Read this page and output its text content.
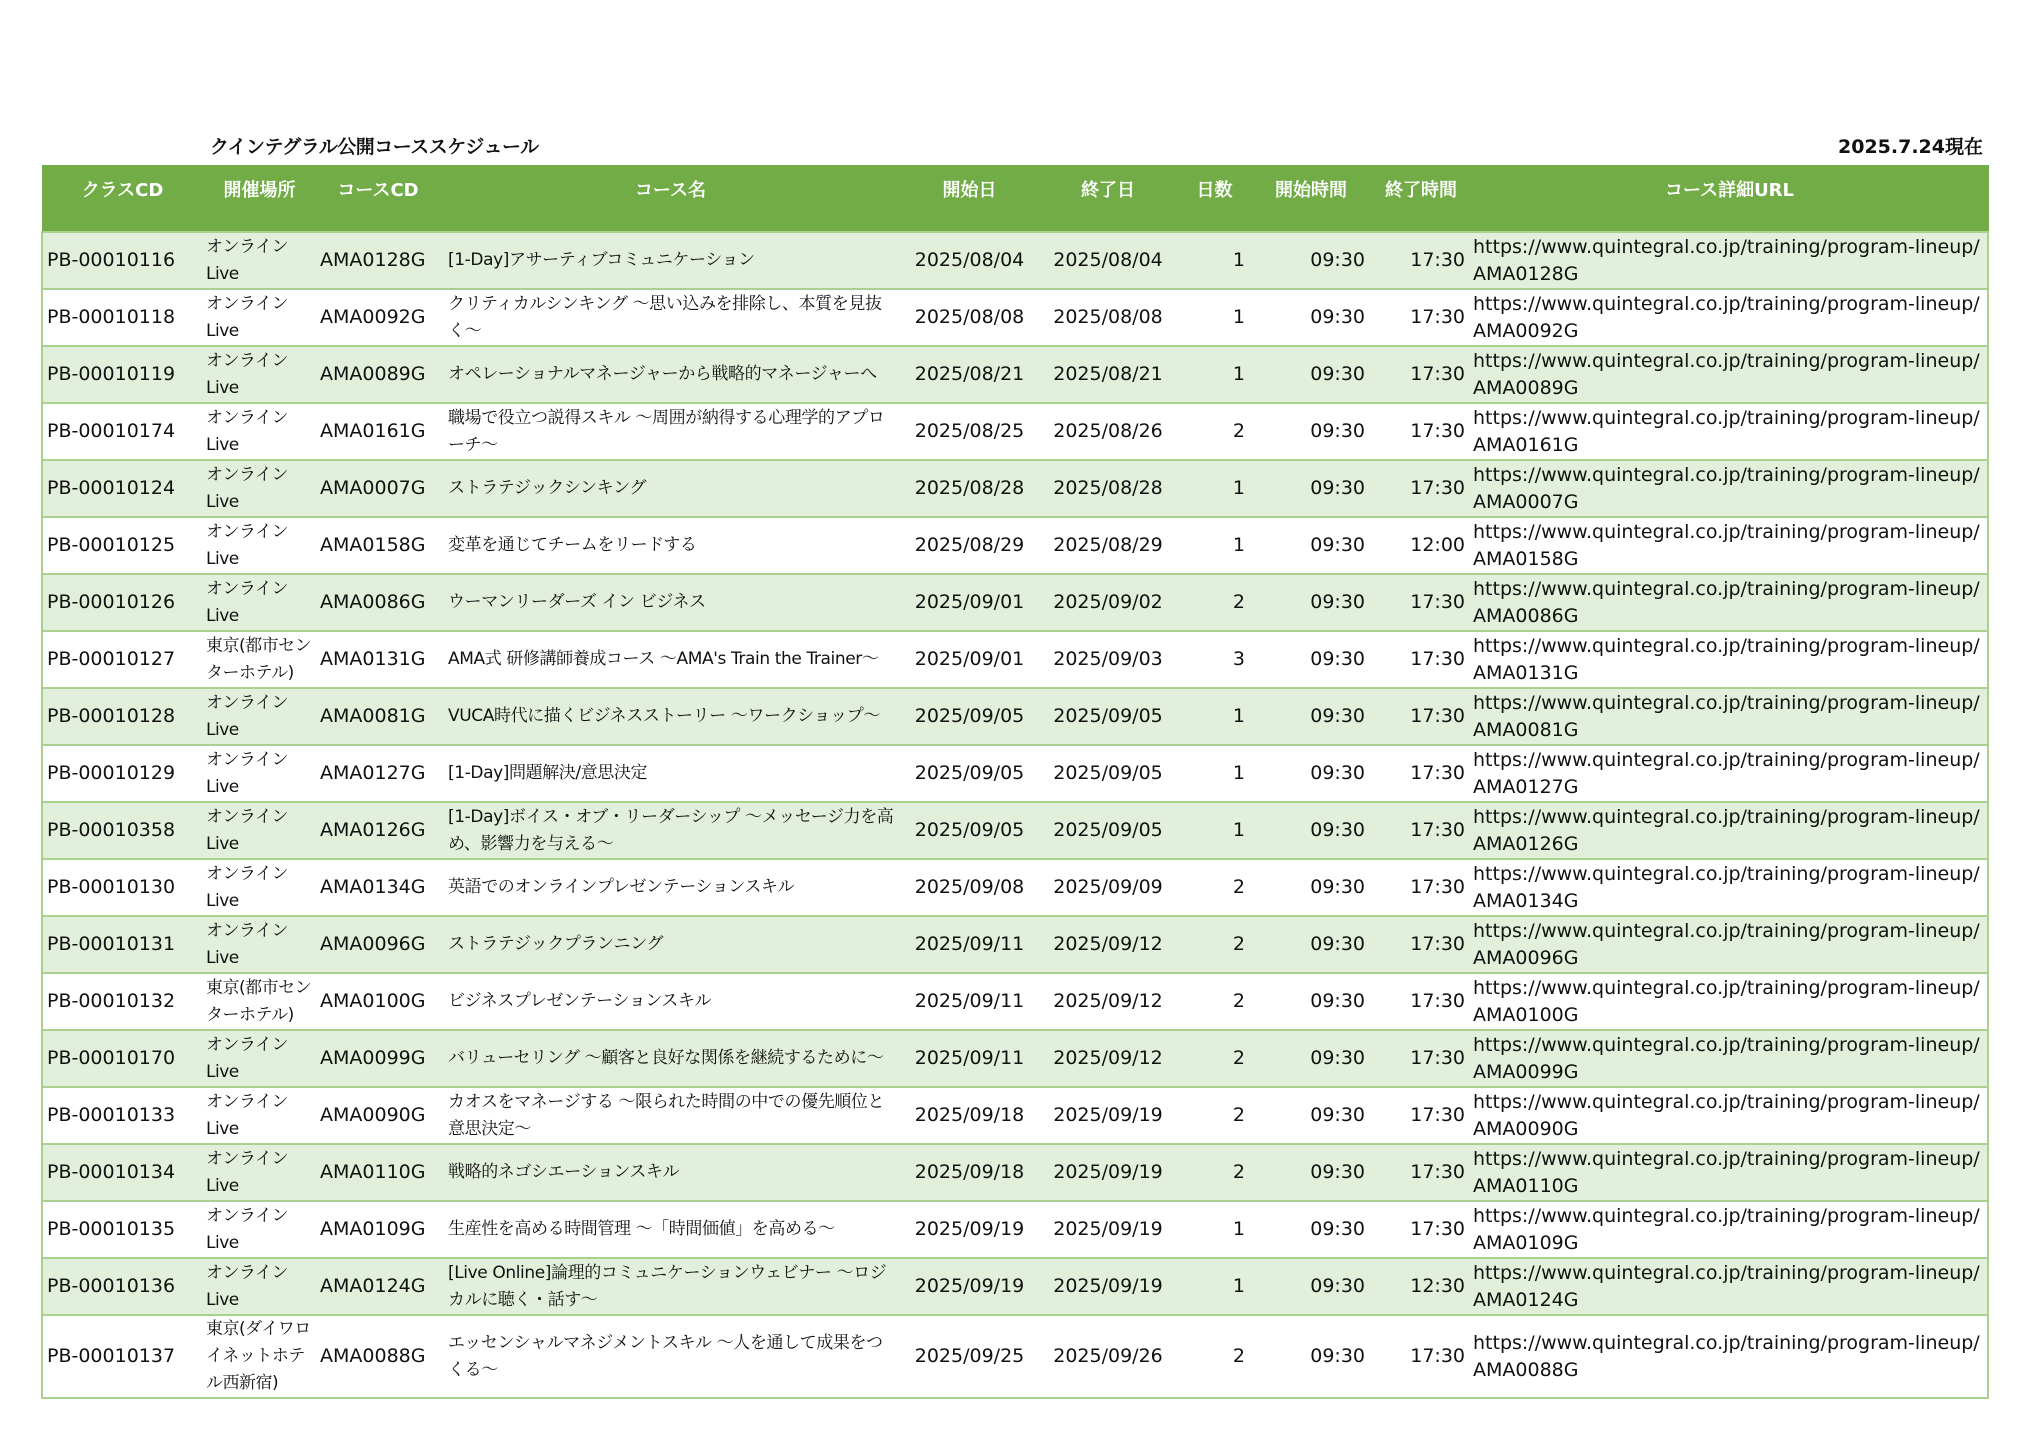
クインテグラル公開コーススケジュール	2025.7.24現在
クラスCD	開催場所	コースCD	コース名	開始日	終了日	日数	開始時間	終了時間	コース詳細URL
PB-00010116	オンライン Live	AMA0128G	[1-Day]アサーティブコミュニケーション	2025/08/04	2025/08/04	1	09:30	17:30	https://www.quintegral.co.jp/training/program-lineup/AMA0128G
PB-00010118	オンライン Live	AMA0092G	クリティカルシンキング ～思い込みを排除し、本質を見抜く～	2025/08/08	2025/08/08	1	09:30	17:30	https://www.quintegral.co.jp/training/program-lineup/AMA0092G
PB-00010119	オンライン Live	AMA0089G	オペレーショナルマネージャーから戦略的マネージャーへ	2025/08/21	2025/08/21	1	09:30	17:30	https://www.quintegral.co.jp/training/program-lineup/AMA0089G
PB-00010174	オンライン Live	AMA0161G	職場で役立つ説得スキル ～周囲が納得する心理学的アプローチ～	2025/08/25	2025/08/26	2	09:30	17:30	https://www.quintegral.co.jp/training/program-lineup/AMA0161G
PB-00010124	オンライン Live	AMA0007G	ストラテジックシンキング	2025/08/28	2025/08/28	1	09:30	17:30	https://www.quintegral.co.jp/training/program-lineup/AMA0007G
PB-00010125	オンライン Live	AMA0158G	変革を通じてチームをリードする	2025/08/29	2025/08/29	1	09:30	12:00	https://www.quintegral.co.jp/training/program-lineup/AMA0158G
PB-00010126	オンライン Live	AMA0086G	ウーマンリーダーズ イン ビジネス	2025/09/01	2025/09/02	2	09:30	17:30	https://www.quintegral.co.jp/training/program-lineup/AMA0086G
PB-00010127	東京(都市センターホテル)	AMA0131G	AMA式 研修講師養成コース ～AMA's Train the Trainer～	2025/09/01	2025/09/03	3	09:30	17:30	https://www.quintegral.co.jp/training/program-lineup/AMA0131G
PB-00010128	オンライン Live	AMA0081G	VUCA時代に描くビジネスストーリー ～ワークショップ～	2025/09/05	2025/09/05	1	09:30	17:30	https://www.quintegral.co.jp/training/program-lineup/AMA0081G
PB-00010129	オンライン Live	AMA0127G	[1-Day]問題解決/意思決定	2025/09/05	2025/09/05	1	09:30	17:30	https://www.quintegral.co.jp/training/program-lineup/AMA0127G
PB-00010358	オンライン Live	AMA0126G	[1-Day]ボイス・オブ・リーダーシップ ～メッセージ力を高め、影響力を与える～	2025/09/05	2025/09/05	1	09:30	17:30	https://www.quintegral.co.jp/training/program-lineup/AMA0126G
PB-00010130	オンライン Live	AMA0134G	英語でのオンラインプレゼンテーションスキル	2025/09/08	2025/09/09	2	09:30	17:30	https://www.quintegral.co.jp/training/program-lineup/AMA0134G
PB-00010131	オンライン Live	AMA0096G	ストラテジックプランニング	2025/09/11	2025/09/12	2	09:30	17:30	https://www.quintegral.co.jp/training/program-lineup/AMA0096G
PB-00010132	東京(都市センターホテル)	AMA0100G	ビジネスプレゼンテーションスキル	2025/09/11	2025/09/12	2	09:30	17:30	https://www.quintegral.co.jp/training/program-lineup/AMA0100G
PB-00010170	オンライン Live	AMA0099G	バリューセリング ～顧客と良好な関係を継続するために～	2025/09/11	2025/09/12	2	09:30	17:30	https://www.quintegral.co.jp/training/program-lineup/AMA0099G
PB-00010133	オンライン Live	AMA0090G	カオスをマネージする ～限られた時間の中での優先順位と意思決定～	2025/09/18	2025/09/19	2	09:30	17:30	https://www.quintegral.co.jp/training/program-lineup/AMA0090G
PB-00010134	オンライン Live	AMA0110G	戦略的ネゴシエーションスキル	2025/09/18	2025/09/19	2	09:30	17:30	https://www.quintegral.co.jp/training/program-lineup/AMA0110G
PB-00010135	オンライン Live	AMA0109G	生産性を高める時間管理 ～「時間価値」を高める～	2025/09/19	2025/09/19	1	09:30	17:30	https://www.quintegral.co.jp/training/program-lineup/AMA0109G
PB-00010136	オンライン Live	AMA0124G	[Live Online]論理的コミュニケーションウェビナー ～ロジカルに聴く・話す～	2025/09/19	2025/09/19	1	09:30	12:30	https://www.quintegral.co.jp/training/program-lineup/AMA0124G
PB-00010137	東京(ダイワロイネットホテル西新宿)	AMA0088G	エッセンシャルマネジメントスキル ～人を通して成果をつくる～	2025/09/25	2025/09/26	2	09:30	17:30	https://www.quintegral.co.jp/training/program-lineup/AMA0088G
